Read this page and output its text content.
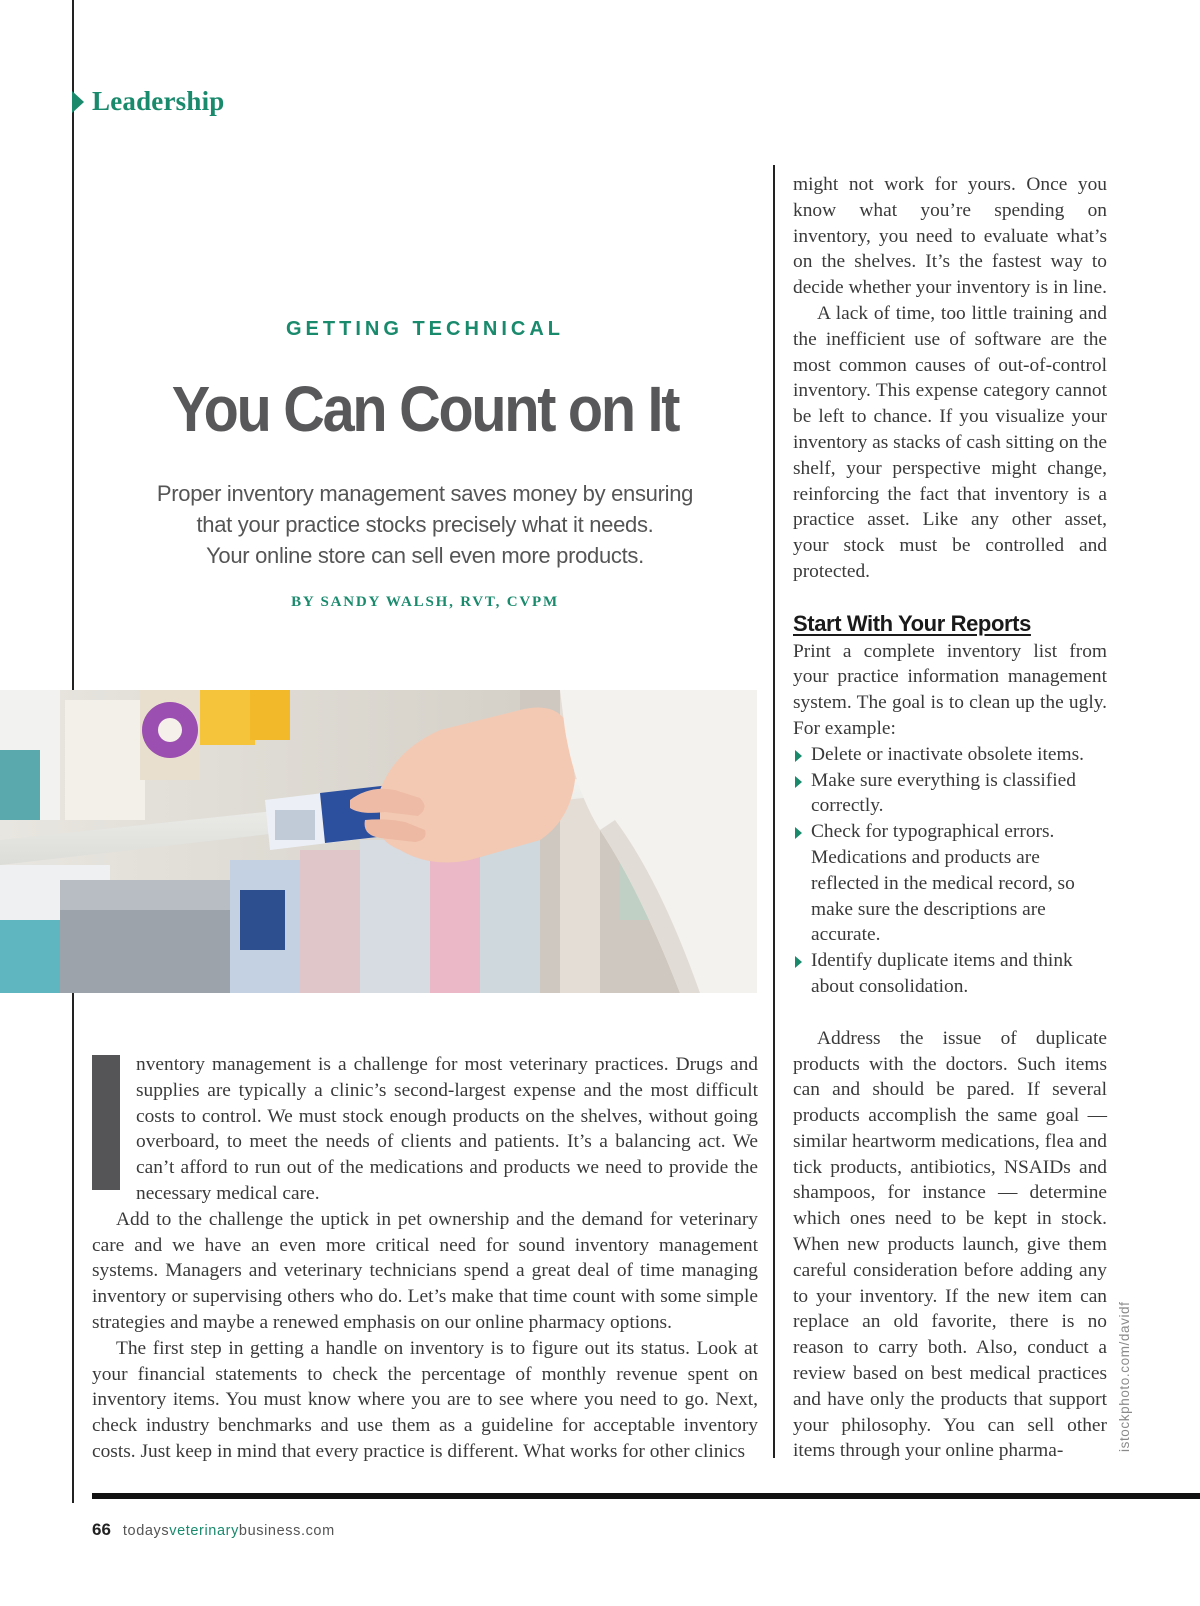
Leadership
GETTING TECHNICAL
You Can Count on It
Proper inventory management saves money by ensuring
that your practice stocks precisely what it needs.
Your online store can sell even more products.
BY SANDY WALSH, RVT, CVPM

nventory management is a challenge for most veterinary practices. Drugs and supplies are typically a clinic’s second-largest expense and the most difficult costs to control. We must stock enough products on the shelves, without going overboard, to meet the needs of clients and patients. It’s a balancing act. We can’t afford to run out of the medications and products we need to provide the necessary medical care.

Add to the challenge the uptick in pet ownership and the demand for veterinary care and we have an even more critical need for sound inventory management systems. Managers and veterinary technicians spend a great deal of time managing inventory or supervising others who do. Let’s make that time count with some simple strategies and maybe a renewed emphasis on our online pharmacy options.

The first step in getting a handle on inventory is to figure out its status. Look at your financial statements to check the percentage of monthly revenue spent on inventory items. You must know where you are to see where you need to go. Next, check industry benchmarks and use them as a guideline for acceptable inventory costs. Just keep in mind that every practice is different. What works for other clinics

might not work for yours. Once you know what you’re spending on inventory, you need to evaluate what’s on the shelves. It’s the fastest way to decide whether your inventory is in line.

A lack of time, too little training and the inefficient use of software are the most common causes of out-of-control inventory. This expense category cannot be left to chance. If you visualize your inventory as stacks of cash sitting on the shelf, your perspective might change, reinforcing the fact that inventory is a practice asset. Like any other asset, your stock must be controlled and protected.

Start With Your Reports

Print a complete inventory list from your practice information management system. The goal is to clean up the ugly. For example:

Delete or inactivate obsolete items.
Make sure everything is classified correctly.
Check for typographical errors. Medications and products are reflected in the medical record, so make sure the descriptions are accurate.
Identify duplicate items and think about consolidation.

Address the issue of duplicate products with the doctors. Such items can and should be pared. If several products accomplish the same goal — similar heartworm medications, flea and tick products, antibiotics, NSAIDs and shampoos, for instance — determine which ones need to be kept in stock. When new products launch, give them careful consideration before adding any to your inventory. If the new item can replace an old favorite, there is no reason to carry both. Also, conduct a review based on best medical practices and have only the products that support your philosophy. You can sell other items through your online pharma-	istockphoto.com/davidf
66 todaysveterinarybusiness.com
